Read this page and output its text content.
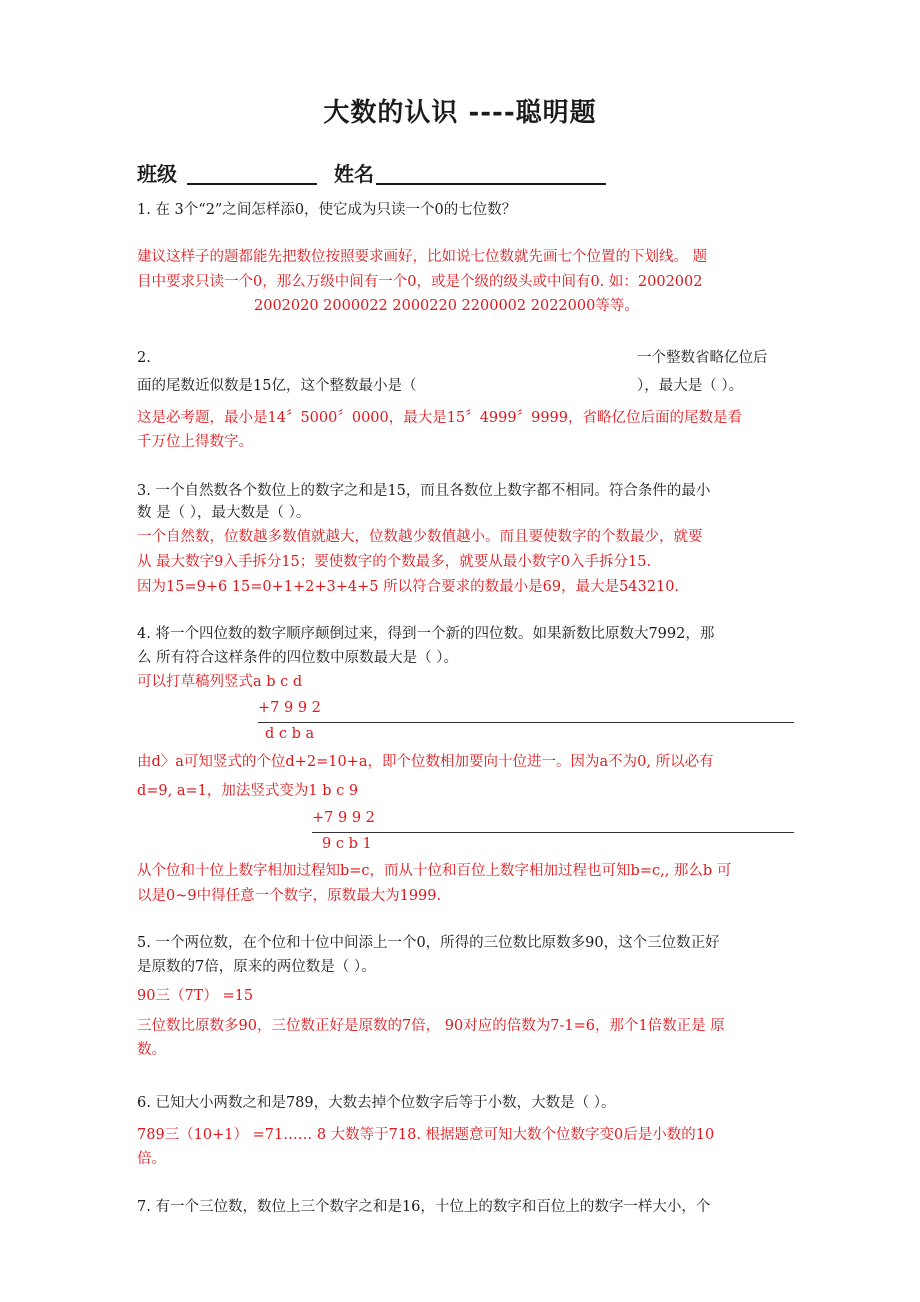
大数的认识 ----聪明题
班级	姓名
1. 在 3个“2”之间怎样添0，使它成为只读一个0的七位数？
建议这样子的题都能先把数位按照要求画好，比如说七位数就先画七个位置的下划线。 题
目中要求只读一个0，那么万级中间有一个0，或是个级的级头或中间有0. 如：2002002
2002020 2000022 2000220 2200002 2022000等等。
2.	一个整数省略亿位后
面的尾数近似数是15亿，这个整数最小是（	），最大是（ ）。
这是必考题，最小是14〞5000〞0000，最大是15〞4999〞9999，省略亿位后面的尾数是看
千万位上得数字。
3. 一个自然数各个数位上的数字之和是15，而且各数位上数字都不相同。符合条件的最小
数 是（ ），最大数是（ ）。
一个自然数，位数越多数值就越大，位数越少数值越小。而且要使数字的个数最少，就要
从 最大数字9入手拆分15；要使数字的个数最多，就要从最小数字0入手拆分15.
因为15=9+6 15=0+1+2+3+4+5 所以符合要求的数最小是69，最大是543210.
4. 将一个四位数的数字顺序颠倒过来，得到一个新的四位数。如果新数比原数大7992，那
么 所有符合这样条件的四位数中原数最大是（ ）。
可以打草稿列竖式a b c d
+7 9 9 2
d c b a
由d〉a可知竖式的个位d+2=10+a，即个位数相加要向十位进一。因为a不为0, 所以必有
d=9, a=1，加法竖式变为1 b c 9
+7 9 9 2
9 c b 1
从个位和十位上数字相加过程知b=c，而从十位和百位上数字相加过程也可知b=c,, 那么b 可
以是0~9中得任意一个数字，原数最大为1999.
5. 一个两位数，在个位和十位中间添上一个0，所得的三位数比原数多90，这个三位数正好
是原数的7倍，原来的两位数是（ ）。
90三（7T） =15
三位数比原数多90，三位数正好是原数的7倍， 90对应的倍数为7-1=6，那个1倍数正是 原
数。
6. 已知大小两数之和是789，大数去掉个位数字后等于小数，大数是（ ）。
789三（10+1） =71…… 8 大数等于718. 根据题意可知大数个位数字变0后是小数的10
倍。
7. 有一个三位数，数位上三个数字之和是16，十位上的数字和百位上的数字一样大小，个
